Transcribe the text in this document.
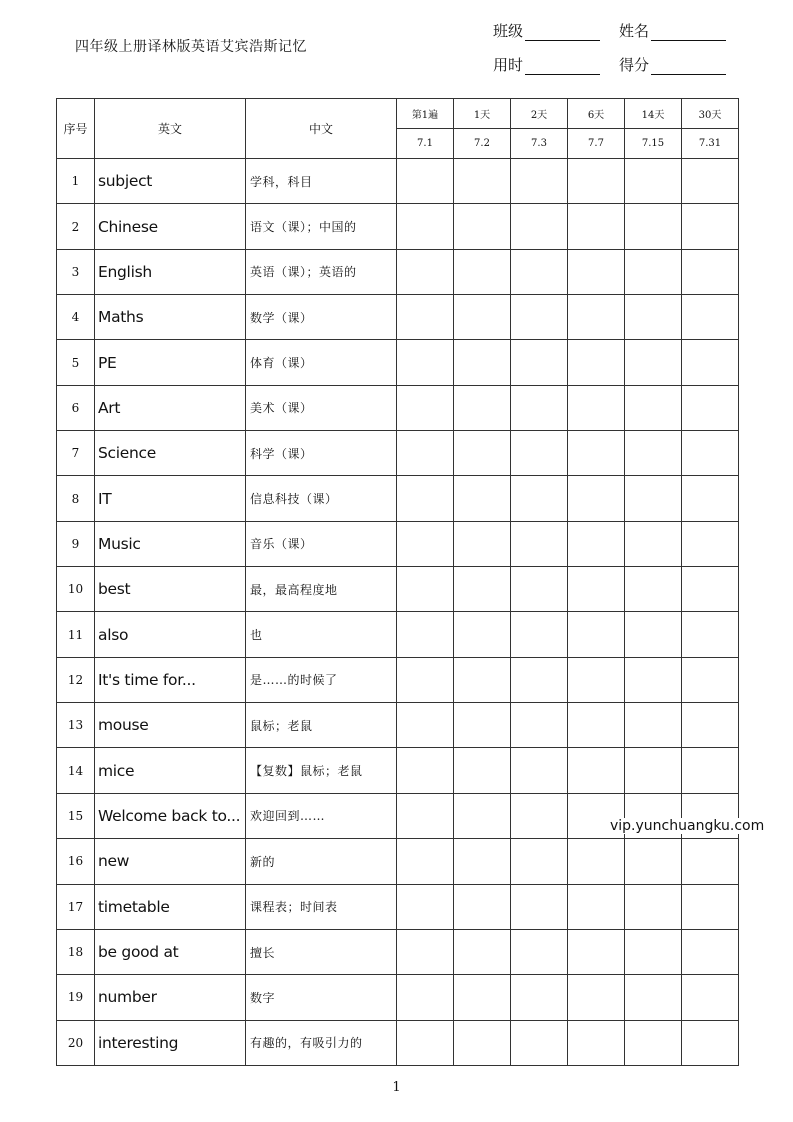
四年级上册译林版英语艾宾浩斯记忆
班级	姓名
用时	得分
序号	英文	中文	第1遍	1天	2天	6天	14天	30天
			7.1	7.2	7.3	7.7	7.15	7.31
1	subject	学科，科目						
2	Chinese	语文（课）；中国的						
3	English	英语（课）；英语的						
4	Maths	数学（课）						
5	PE	体育（课）						
6	Art	美术（课）						
7	Science	科学（课）						
8	IT	信息科技（课）						
9	Music	音乐（课）						
10	best	最，最高程度地						
11	also	也						
12	It's time for...	是……的时候了						
13	mouse	鼠标；老鼠						
14	mice	【复数】鼠标；老鼠						
15	Welcome back to...	欢迎回到……						
16	new	新的						
17	timetable	课程表；时间表						
18	be good at	擅长						
19	number	数字						
20	interesting	有趣的，有吸引力的						
vip.yunchuangku.com
1
